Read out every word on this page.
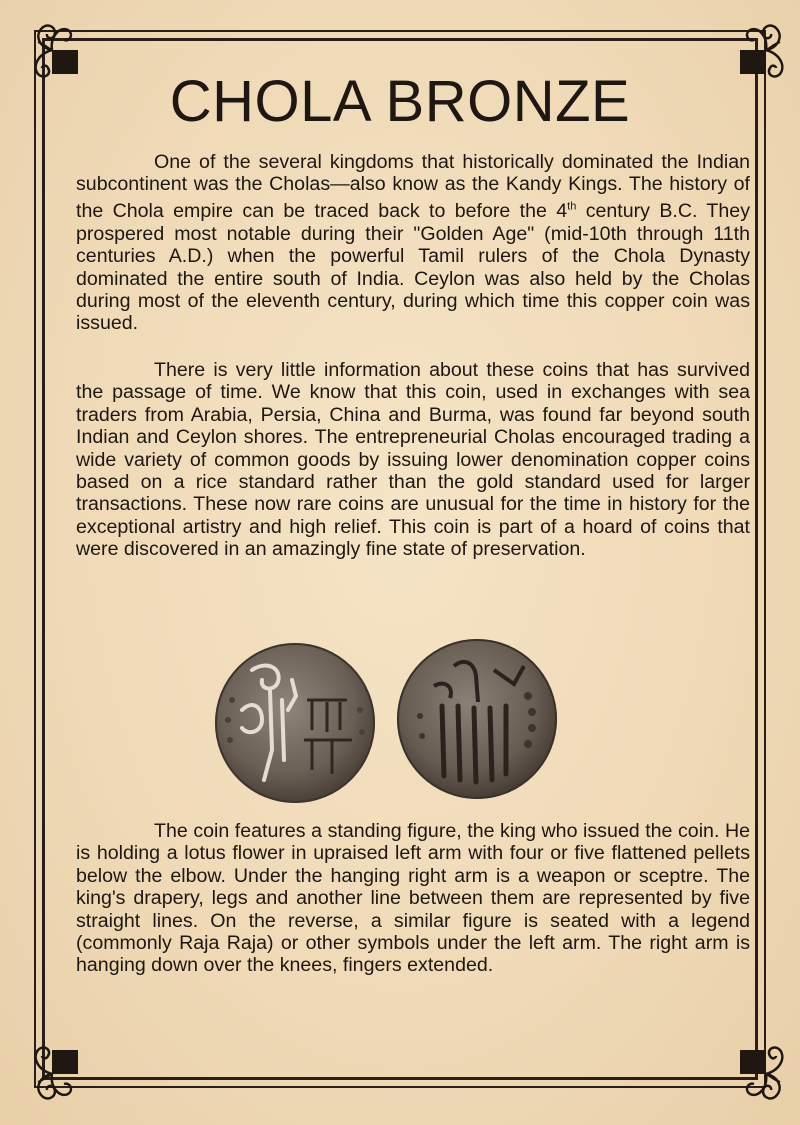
CHOLA BRONZE

One of the several kingdoms that historically dominated the Indian subcontinent was the Cholas—also know as the Kandy Kings. The history of the Chola empire can be traced back to before the 4th century B.C. They prospered most notable during their "Golden Age" (mid-10th through 11th centuries A.D.) when the powerful Tamil rulers of the Chola Dynasty dominated the entire south of India. Ceylon was also held by the Cholas during most of the eleventh century, during which time this copper coin was issued.

There is very little information about these coins that has survived the passage of time. We know that this coin, used in exchanges with sea traders from Arabia, Persia, China and Burma, was found far beyond south Indian and Ceylon shores. The entrepreneurial Cholas encouraged trading a wide variety of common goods by issuing lower denomination copper coins based on a rice standard rather than the gold standard used for larger transactions. These now rare coins are unusual for the time in history for the exceptional artistry and high relief. This coin is part of a hoard of coins that were discovered in an amazingly fine state of preservation.

The coin features a standing figure, the king who issued the coin. He is holding a lotus flower in upraised left arm with four or five flattened pellets below the elbow. Under the hanging right arm is a weapon or sceptre. The king's drapery, legs and another line between them are represented by five straight lines. On the reverse, a similar figure is seated with a legend (commonly Raja Raja) or other symbols under the left arm. The right arm is hanging down over the knees, fingers extended.
